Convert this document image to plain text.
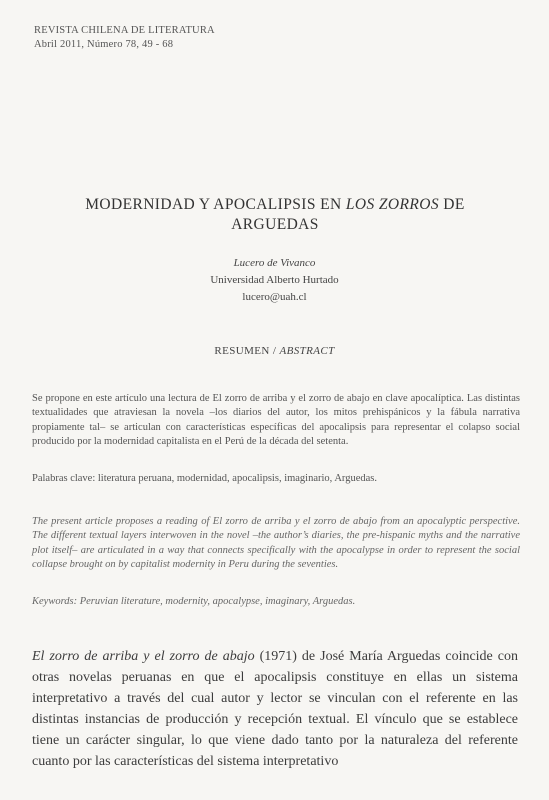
REVISTA CHILENA DE LITERATURA
Abril 2011, Número 78, 49 - 68
MODERNIDAD Y APOCALIPSIS EN LOS ZORROS DE
ARGUEDAS
Lucero de Vivanco
Universidad Alberto Hurtado
lucero@uah.cl
RESUMEN / ABSTRACT

Se propone en este artículo una lectura de El zorro de arriba y el zorro de abajo en clave apocalíptica. Las distintas textualidades que atraviesan la novela –los diarios del autor, los mitos prehispánicos y la fábula narrativa propiamente tal– se articulan con características específicas del apocalipsis para representar el colapso social producido por la modernidad capitalista en el Perú de la década del setenta.

Palabras clave: literatura peruana, modernidad, apocalipsis, imaginario, Arguedas.

The present article proposes a reading of El zorro de arriba y el zorro de abajo from an apocalyptic perspective. The different textual layers interwoven in the novel –the author’s diaries, the pre-hispanic myths and the narrative plot itself– are articulated in a way that connects specifically with the apocalypse in order to represent the social collapse brought on by capitalist modernity in Peru during the seventies.

Keywords: Peruvian literature, modernity, apocalypse, imaginary, Arguedas.

El zorro de arriba y el zorro de abajo (1971) de José María Arguedas coincide con otras novelas peruanas en que el apocalipsis constituye en ellas un sistema interpretativo a través del cual autor y lector se vinculan con el referente en las distintas instancias de producción y recepción textual. El vínculo que se establece tiene un carácter singular, lo que viene dado tanto por la naturaleza del referente cuanto por las características del sistema interpretativo
